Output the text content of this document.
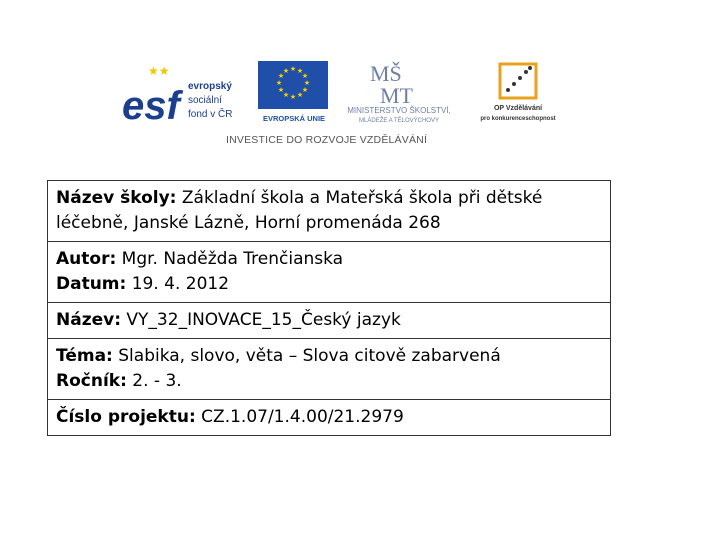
★★
esf evropský
sociální
fond v ČR
★ ★
★
★
★
★
★
★
★
★
★
★
EVROPSKÁ UNIE
MŠ
MT
MINISTERSTVO ŠKOLSTVÍ,
MLÁDEŽE A TĚLOVÝCHOVY
OP Vzdělávání
pro konkurenceschopnost
INVESTICE DO ROZVOJE VZDĚLÁVÁNÍ
Název školy: Základní škola a Mateřská škola při dětské
léčebně, Janské Lázně, Horní promenáda 268
Autor: Mgr. Naděžda Trenčianska
Datum: 19. 4. 2012
Název: VY_32_INOVACE_15_Český jazyk
Téma: Slabika, slovo, věta – Slova citově zabarvená
Ročník: 2. - 3.
Číslo projektu: CZ.1.07/1.4.00/21.2979
